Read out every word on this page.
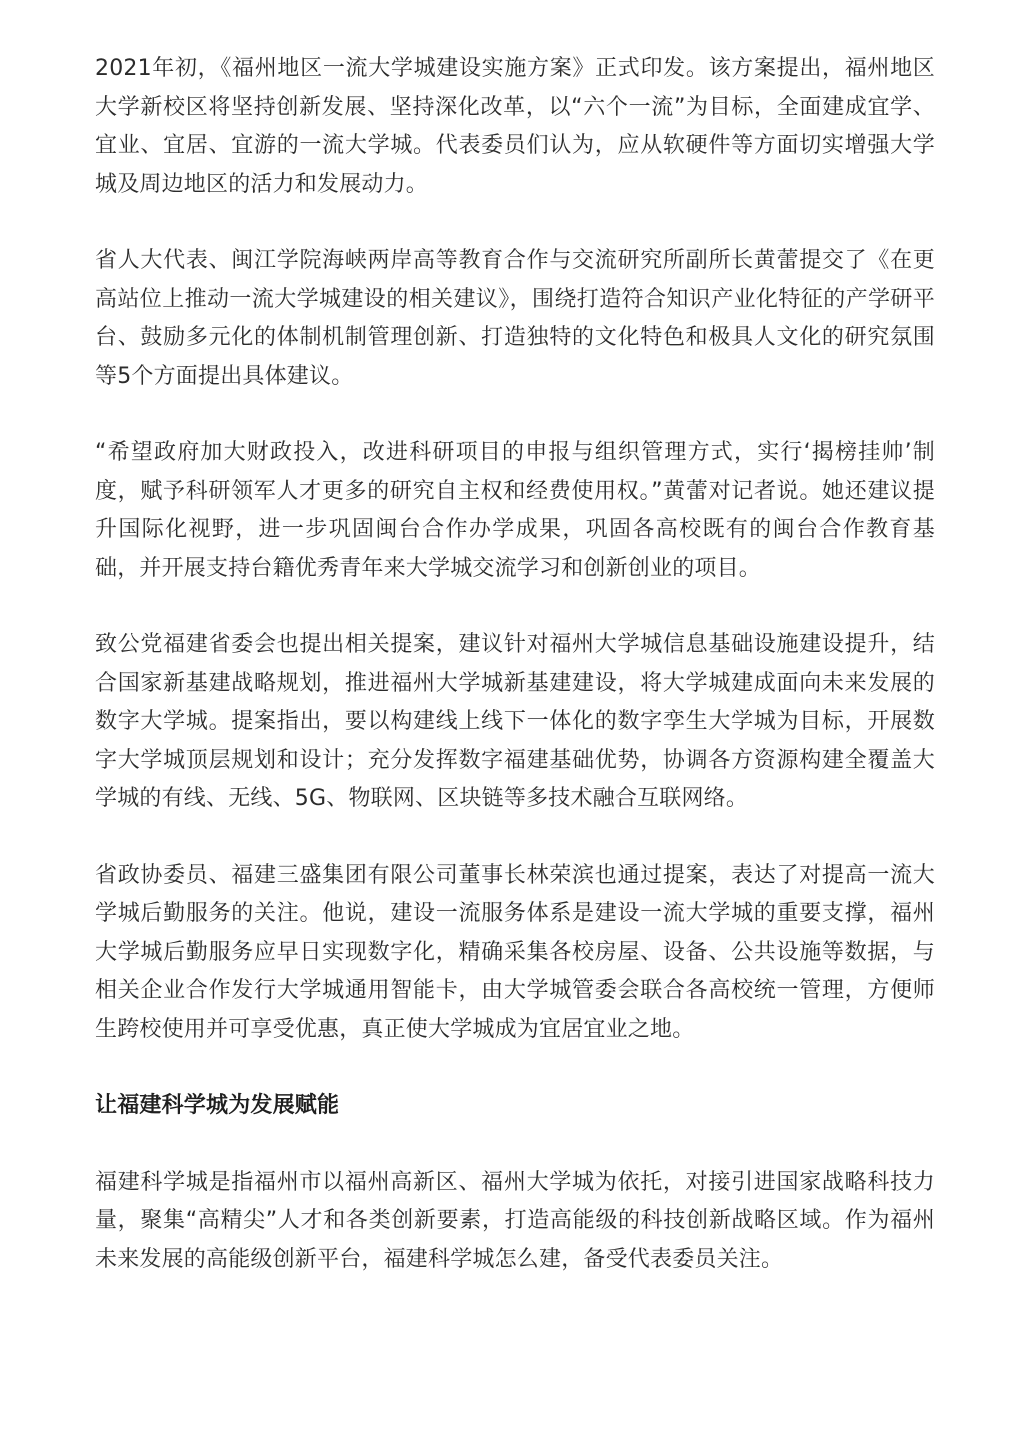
2021年初，《福州地区一流大学城建设实施方案》正式印发。该方案提出，福州地区大学新校区将坚持创新发展、坚持深化改革，以“六个一流”为目标，全面建成宜学、宜业、宜居、宜游的一流大学城。代表委员们认为，应从软硬件等方面切实增强大学城及周边地区的活力和发展动力。

省人大代表、闽江学院海峡两岸高等教育合作与交流研究所副所长黄蕾提交了《在更高站位上推动一流大学城建设的相关建议》，围绕打造符合知识产业化特征的产学研平台、鼓励多元化的体制机制管理创新、打造独特的文化特色和极具人文化的研究氛围等5个方面提出具体建议。

“希望政府加大财政投入，改进科研项目的申报与组织管理方式，实行‘揭榜挂帅’制度，赋予科研领军人才更多的研究自主权和经费使用权。”黄蕾对记者说。她还建议提升国际化视野，进一步巩固闽台合作办学成果，巩固各高校既有的闽台合作教育基础，并开展支持台籍优秀青年来大学城交流学习和创新创业的项目。

致公党福建省委会也提出相关提案，建议针对福州大学城信息基础设施建设提升，结合国家新基建战略规划，推进福州大学城新基建建设，将大学城建成面向未来发展的数字大学城。提案指出，要以构建线上线下一体化的数字孪生大学城为目标，开展数字大学城顶层规划和设计；充分发挥数字福建基础优势，协调各方资源构建全覆盖大学城的有线、无线、5G、物联网、区块链等多技术融合互联网络。

省政协委员、福建三盛集团有限公司董事长林荣滨也通过提案，表达了对提高一流大学城后勤服务的关注。他说，建设一流服务体系是建设一流大学城的重要支撑，福州大学城后勤服务应早日实现数字化，精确采集各校房屋、设备、公共设施等数据，与相关企业合作发行大学城通用智能卡，由大学城管委会联合各高校统一管理，方便师生跨校使用并可享受优惠，真正使大学城成为宜居宜业之地。

让福建科学城为发展赋能

福建科学城是指福州市以福州高新区、福州大学城为依托，对接引进国家战略科技力量，聚集“高精尖”人才和各类创新要素，打造高能级的科技创新战略区域。作为福州未来发展的高能级创新平台，福建科学城怎么建，备受代表委员关注。
